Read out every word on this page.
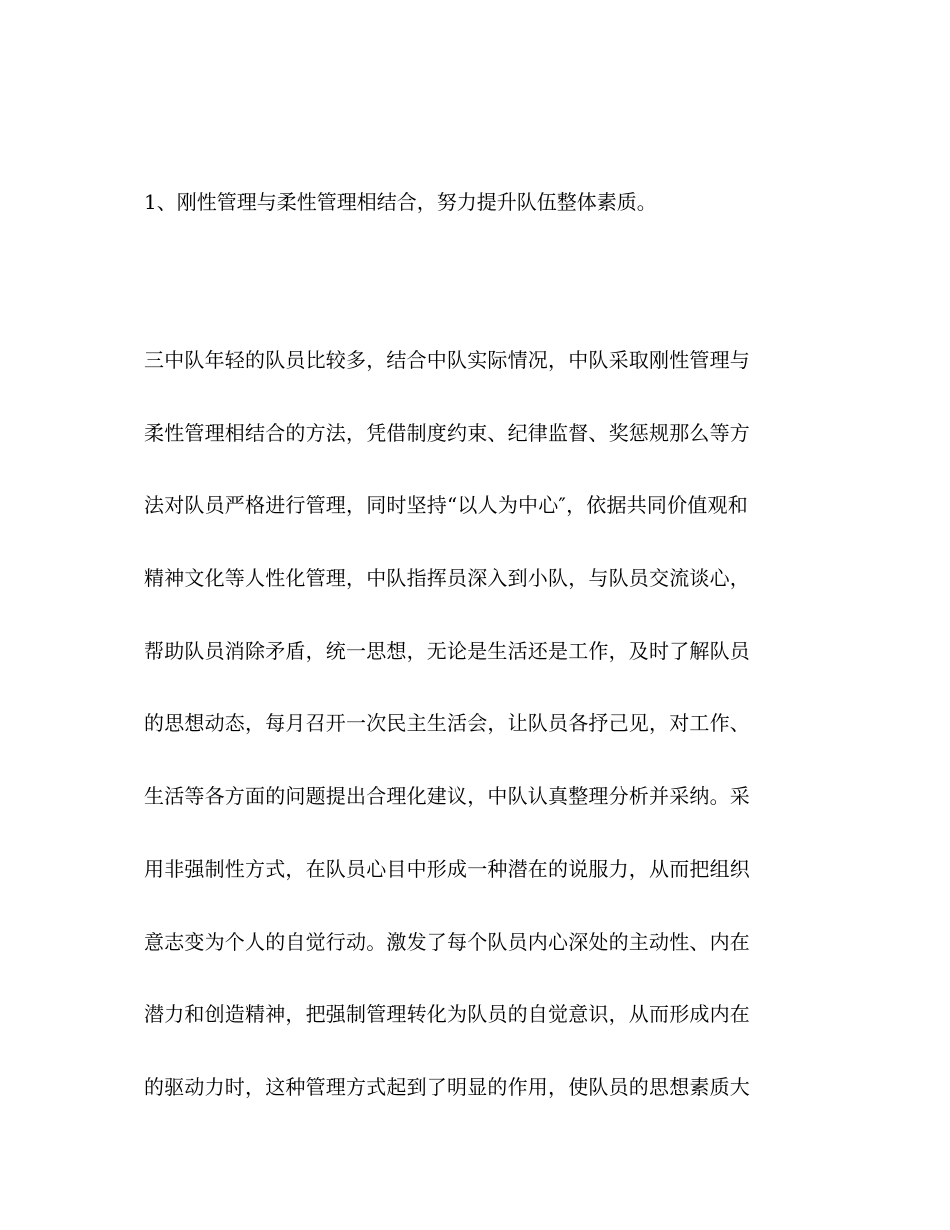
1、刚性管理与柔性管理相结合，努力提升队伍整体素质。
三中队年轻的队员比较多，结合中队实际情况，中队采取刚性管理与
柔性管理相结合的方法，凭借制度约束、纪律监督、奖惩规那么等方
法对队员严格进行管理，同时坚持“以人为中心″，依据共同价值观和
精神文化等人性化管理，中队指挥员深入到小队，与队员交流谈心，
帮助队员消除矛盾，统一思想，无论是生活还是工作，及时了解队员
的思想动态，每月召开一次民主生活会，让队员各抒己见，对工作、
生活等各方面的问题提出合理化建议，中队认真整理分析并采纳。采
用非强制性方式，在队员心目中形成一种潜在的说服力，从而把组织
意志变为个人的自觉行动。激发了每个队员内心深处的主动性、内在
潜力和创造精神，把强制管理转化为队员的自觉意识，从而形成内在
的驱动力时，这种管理方式起到了明显的作用，使队员的思想素质大
